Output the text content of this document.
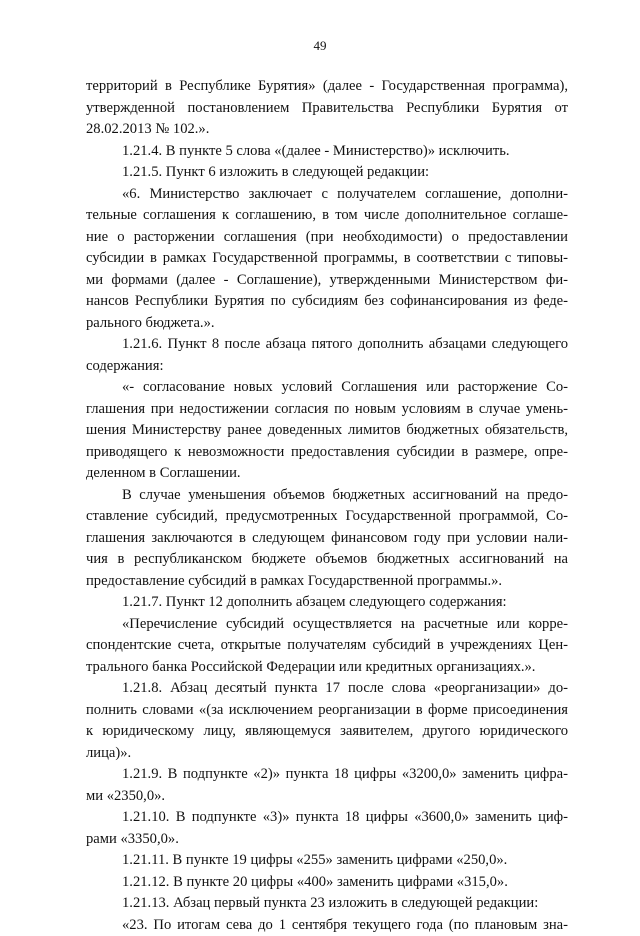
49
территорий в Республике Бурятия» (далее - Государственная программа),
утвержденной постановлением Правительства Республики Бурятия от
28.02.2013 № 102.».
1.21.4. В пункте 5 слова «(далее - Министерство)» исключить.
1.21.5. Пункт 6 изложить в следующей редакции:
«6. Министерство заключает с получателем соглашение, дополни-
тельные соглашения к соглашению, в том числе дополнительное соглаше-
ние о расторжении соглашения (при необходимости) о предоставлении
субсидии в рамках Государственной программы, в соответствии с типовы-
ми формами (далее - Соглашение), утвержденными Министерством фи-
нансов Республики Бурятия по субсидиям без софинансирования из феде-
рального бюджета.».
1.21.6. Пункт 8 после абзаца пятого дополнить абзацами следующего
содержания:
«- согласование новых условий Соглашения или расторжение Со-
глашения при недостижении согласия по новым условиям в случае умень-
шения Министерству ранее доведенных лимитов бюджетных обязательств,
приводящего к невозможности предоставления субсидии в размере, опре-
деленном в Соглашении.
В случае уменьшения объемов бюджетных ассигнований на предо-
ставление субсидий, предусмотренных Государственной программой, Со-
глашения заключаются в следующем финансовом году при условии нали-
чия в республиканском бюджете объемов бюджетных ассигнований на
предоставление субсидий в рамках Государственной программы.».
1.21.7. Пункт 12 дополнить абзацем следующего содержания:
«Перечисление субсидий осуществляется на расчетные или корре-
спондентские счета, открытые получателям субсидий в учреждениях Цен-
трального банка Российской Федерации или кредитных организациях.».
1.21.8. Абзац десятый пункта 17 после слова «реорганизации» до-
полнить словами «(за исключением реорганизации в форме присоединения
к юридическому лицу, являющемуся заявителем, другого юридического
лица)».
1.21.9. В подпункте «2)» пункта 18 цифры «3200,0» заменить цифра-
ми «2350,0».
1.21.10. В подпункте «3)» пункта 18 цифры «3600,0» заменить циф-
рами «3350,0».
1.21.11. В пункте 19 цифры «255» заменить цифрами «250,0».
1.21.12. В пункте 20 цифры «400» заменить цифрами «315,0».
1.21.13. Абзац первый пункта 23 изложить в следующей редакции:
«23. По итогам сева до 1 сентября текущего года (по плановым зна-
